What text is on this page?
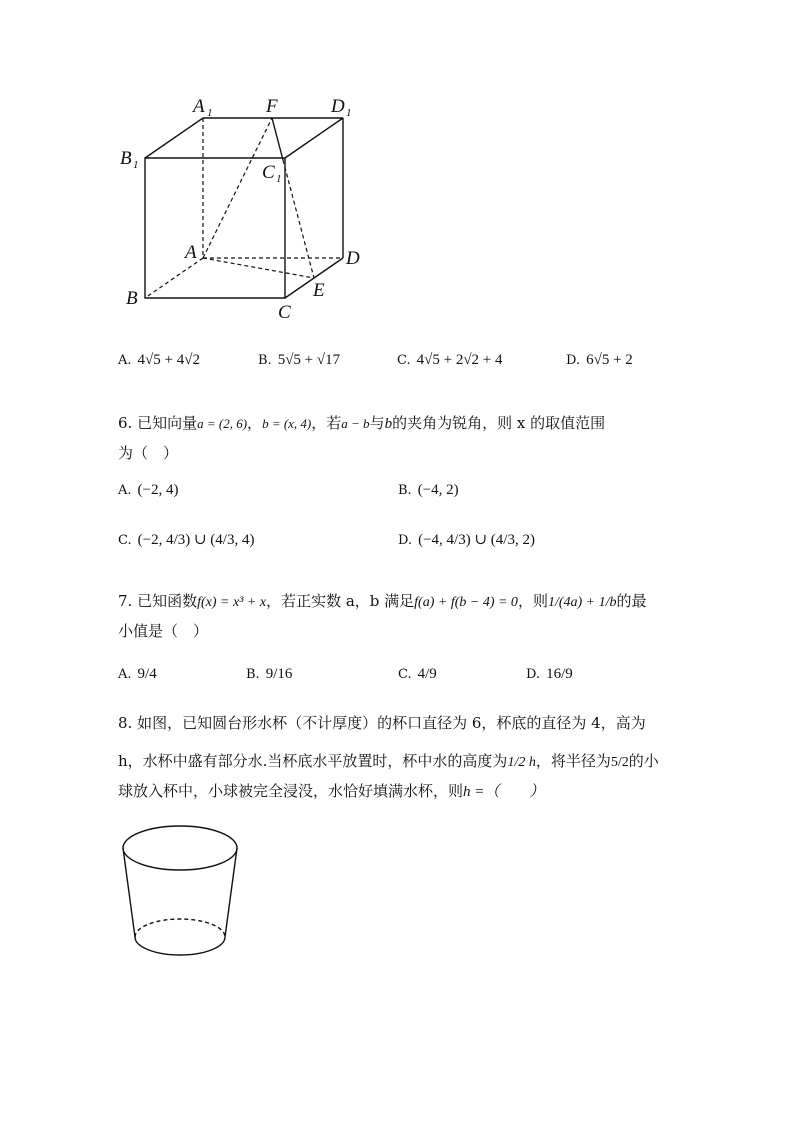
A 1	F	D 1
B 1	C 1
A	D
B	E
C
A. 4√5 + 4√2	B. 5√5 + √17	C. 4√5 + 2√2 + 4	D. 6√5 + 2
6. 已知向量a = (2, 6)，b = (x, 4)，若a − b与b的夹角为锐角，则 x 的取值范围
为（　）
A. (−2, 4)	B. (−4, 2)
C. (−2, 4/3) ∪ (4/3, 4)	D. (−4, 4/3) ∪ (4/3, 2)
7. 已知函数f(x) = x³ + x，若正实数 a，b 满足f(a) + f(b − 4) = 0，则1/(4a) + 1/b的最
小值是（　）
A. 9/4	B. 9/16	C. 4/9	D. 16/9
8. 如图，已知圆台形水杯（不计厚度）的杯口直径为 6，杯底的直径为 4，高为
h，水杯中盛有部分水.当杯底水平放置时，杯中水的高度为1/2 h，将半径为5/2的小
球放入杯中，小球被完全浸没，水恰好填满水杯，则h =（　　）
